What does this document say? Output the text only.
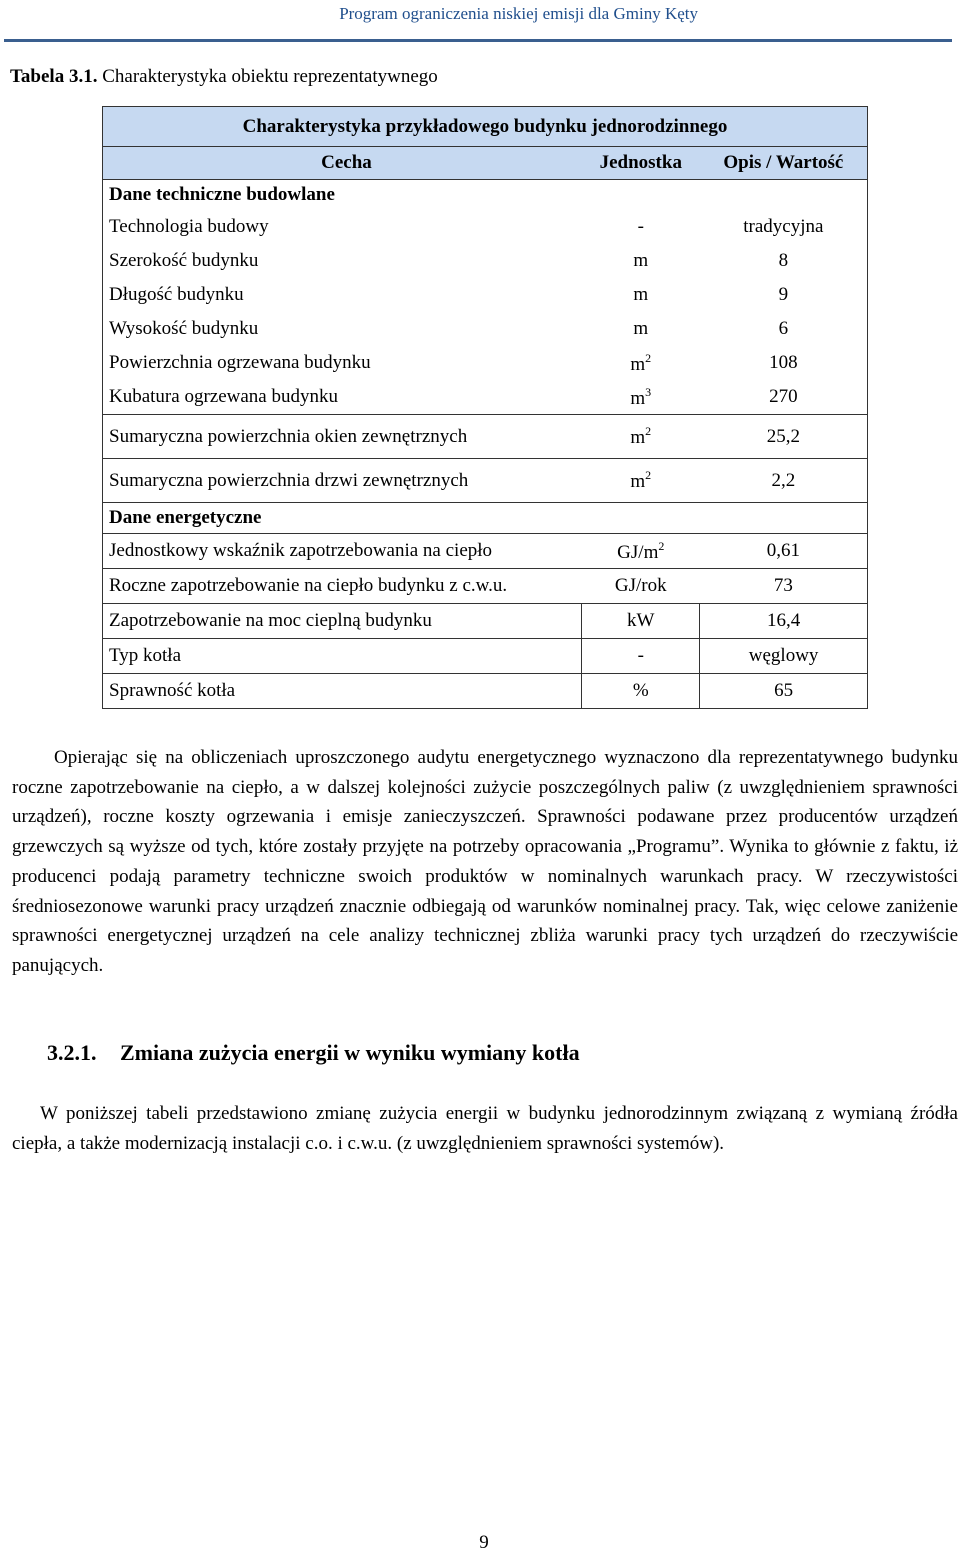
Program ograniczenia niskiej emisji dla Gminy Kęty
Tabela 3.1. Charakterystyka obiektu reprezentatywnego
Charakterystyka przykładowego budynku jednorodzinnego		
Cecha	Jednostka	Opis / Wartość
Dane techniczne budowlane		
Technologia budowy	-	tradycyjna
Szerokość budynku	m	8
Długość budynku	m	9
Wysokość budynku	m	6
Powierzchnia ogrzewana budynku	$m^2$	108
Kubatura ogrzewana budynku	$m^3$	270
Sumaryczna powierzchnia okien zewnętrznych	$m^2$	25,2
Sumaryczna powierzchnia drzwi zewnętrznych	$m^2$	2,2
Dane energetyczne		
Jednostkowy wskaźnik zapotrzebowania na ciepło	$GJ/m^2$	0,61
Roczne zapotrzebowanie na ciepło budynku z c.w.u.	GJ/rok	73
Zapotrzebowanie na moc cieplną budynku	kW	16,4
Typ kotła	-	węglowy
Sprawność kotła	%	65
Opierając się na obliczeniach uproszczonego audytu energetycznego wyznaczono dla reprezentatywnego budynku roczne zapotrzebowanie na ciepło, a w dalszej kolejności zużycie poszczególnych paliw (z uwzględnieniem sprawności urządzeń), roczne koszty ogrzewania i emisje zanieczyszczeń. Sprawności podawane przez producentów urządzeń grzewczych są wyższe od tych, które zostały przyjęte na potrzeby opracowania „Programu”. Wynika to głównie z faktu, iż producenci podają parametry techniczne swoich produktów w nominalnych warunkach pracy. W rzeczywistości średniosezonowe warunki pracy urządzeń znacznie odbiegają od warunków nominalnej pracy. Tak, więc celowe zaniżenie sprawności energetycznej urządzeń na cele analizy technicznej zbliża warunki pracy tych urządzeń do rzeczywiście panujących.
3.2.1. Zmiana zużycia energii w wyniku wymiany kotła
W poniższej tabeli przedstawiono zmianę zużycia energii w budynku jednorodzinnym związaną z wymianą źródła ciepła, a także modernizacją instalacji c.o. i c.w.u. (z uwzględnieniem sprawności systemów).
9
